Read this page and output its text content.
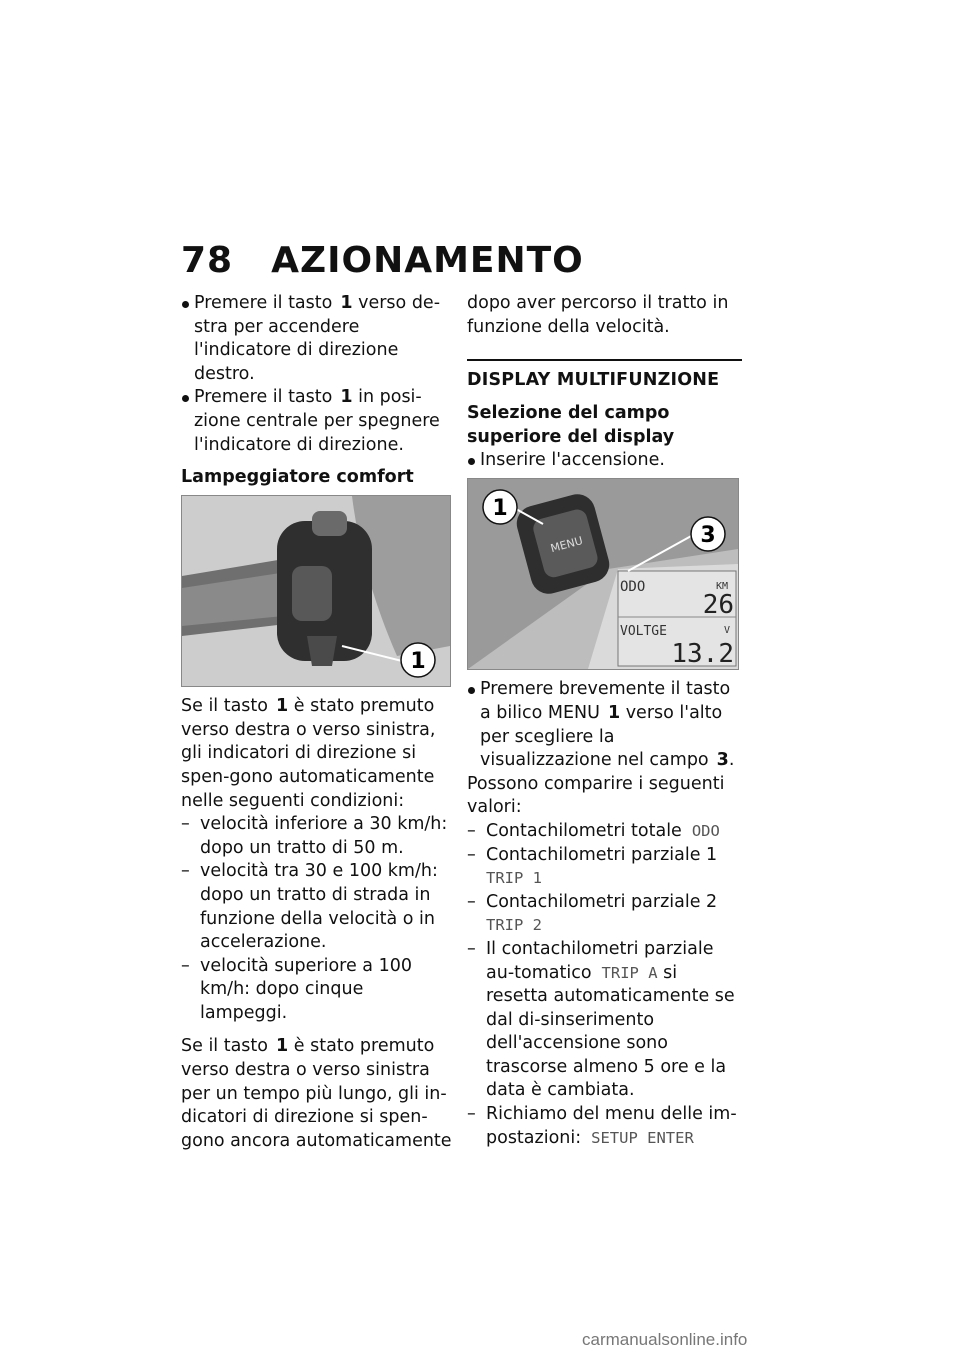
78 AZIONAMENTO
Premere il tasto 1 verso de-stra per accendere l'indicatore di direzione destro.
Premere il tasto 1 in posi-zione centrale per spegnere l'indicatore di direzione.
Lampeggiatore comfort
1
Se il tasto 1 è stato premuto verso destra o verso sinistra, gli indicatori di direzione si spen-gono automaticamente nelle seguenti condizioni:
– velocità inferiore a 30 km/h: dopo un tratto di 50 m.
– velocità tra 30 e 100 km/h: dopo un tratto di strada in funzione della velocità o in accelerazione.
– velocità superiore a 100 km/h: dopo cinque lampeggi.
Se il tasto 1 è stato premuto verso destra o verso sinistra per un tempo più lungo, gli in-dicatori di direzione si spen-gono ancora automaticamente
dopo aver percorso il tratto in funzione della velocità.
DISPLAY MULTIFUNZIONE
Selezione del campo superiore del display
Inserire l'accensione.
MENU
ODO	KM
26
VOLTGE	V
13.2
1
3
Premere brevemente il tasto a bilico MENU 1 verso l'alto per scegliere la visualizzazione nel campo 3.
Possono comparire i seguenti valori:
– Contachilometri totale ODO
– Contachilometri parziale 1
TRIP 1
– Contachilometri parziale 2
TRIP 2
– Il contachilometri parziale au-tomatico TRIP A si resetta automaticamente se dal di-sinserimento dell'accensione sono trascorse almeno 5 ore e la data è cambiata.
– Richiamo del menu delle im-postazioni: SETUP ENTER
carmanualsonline.info
